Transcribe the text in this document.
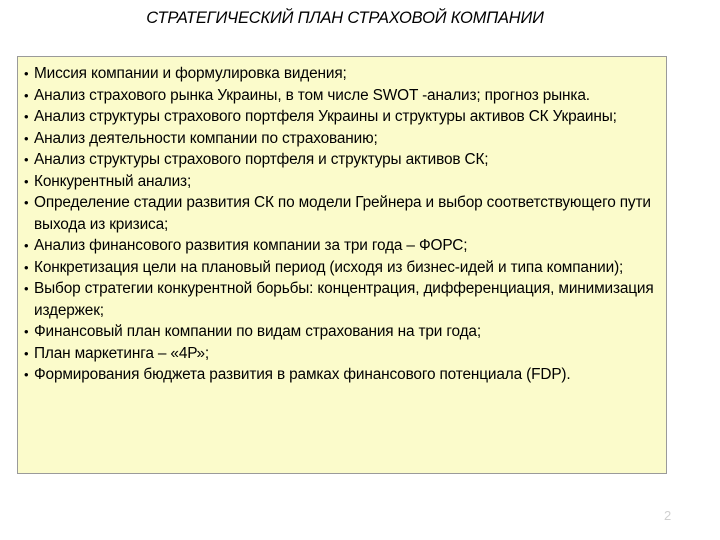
СТРАТЕГИЧЕСКИЙ ПЛАН СТРАХОВОЙ КОМПАНИИ
• Миссия компании и формулировка видения;
• Анализ страхового рынка Украины, в том числе SWOT -анализ; прогноз рынка.
• Анализ структуры страхового портфеля Украины и структуры активов СК Украины;
• Анализ деятельности компании по страхованию;
• Анализ структуры страхового портфеля и структуры активов СК;
• Конкурентный анализ;
• Определение стадии развития СК по модели Грейнера и выбор соответствующего пути выхода из кризиса;
• Анализ финансового развития компании за три года – ФОРС;
• Конкретизация цели на плановый период (исходя из бизнес-идей и типа компании);
• Выбор стратегии конкурентной борьбы: концентрация, дифференциация, минимизация издержек;
• Финансовый план компании по видам страхования на три года;
• План маркетинга – «4Р»;
• Формирования бюджета развития в рамках финансового потенциала (FDP).
2
